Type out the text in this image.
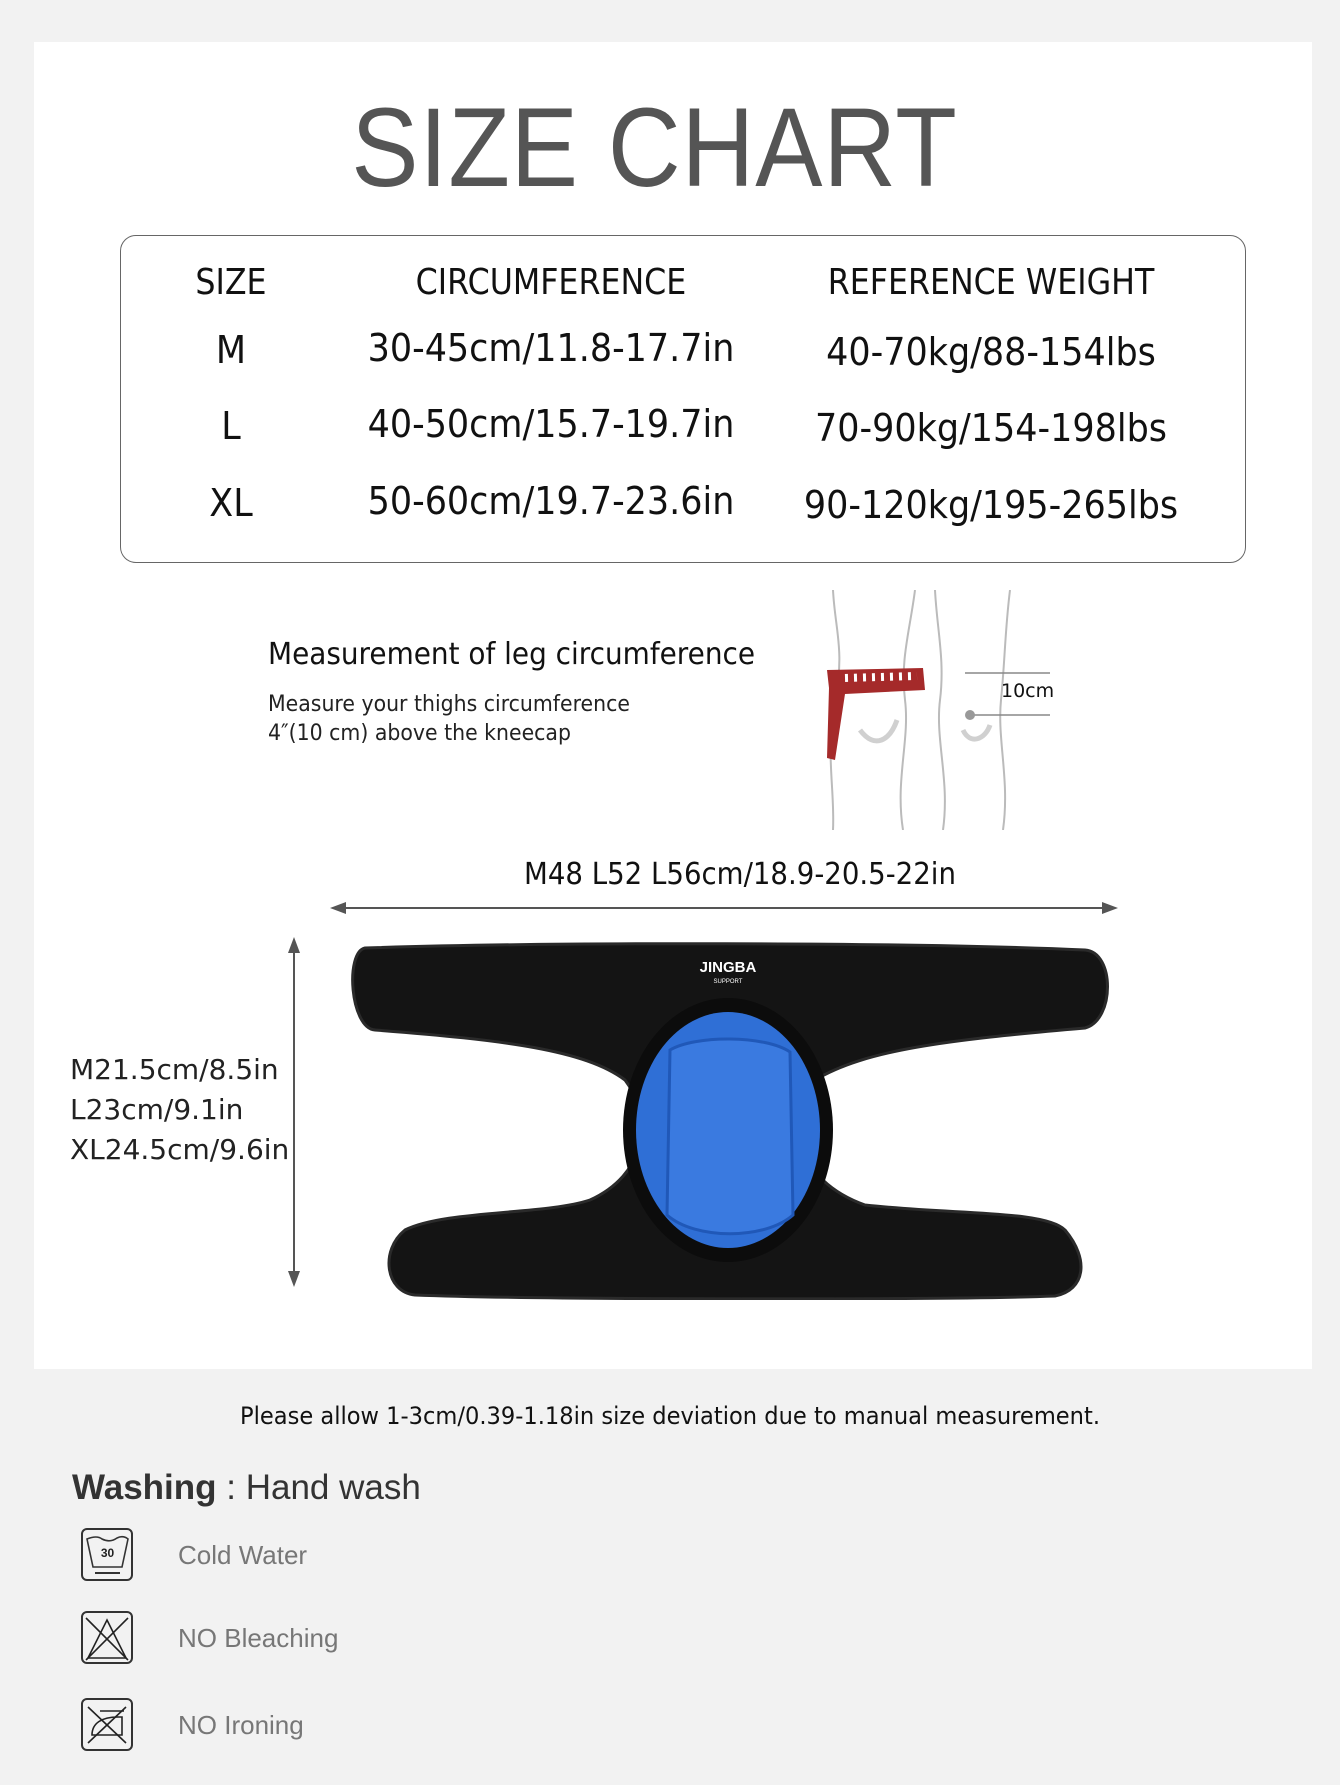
SIZE CHART
SIZE	CIRCUMFERENCE	REFERENCE WEIGHT
M	30-45cm/11.8-17.7in	40-70kg/88-154lbs
L	40-50cm/15.7-19.7in	70-90kg/154-198lbs
XL	50-60cm/19.7-23.6in 90-120kg/195-265lbs
Measurement of leg circumference
Measure your thighs circumference
4″(10 cm) above the kneecap
10cm
M48 L52 L56cm/18.9-20.5-22in
M21.5cm/8.5in
L23cm/9.1in
XL24.5cm/9.6in
JINGBA
SUPPORT
Please allow 1-3cm/0.39-1.18in size deviation due to manual measurement.
Washing : Hand wash
30 Cold Water
NO Bleaching
NO Ironing
